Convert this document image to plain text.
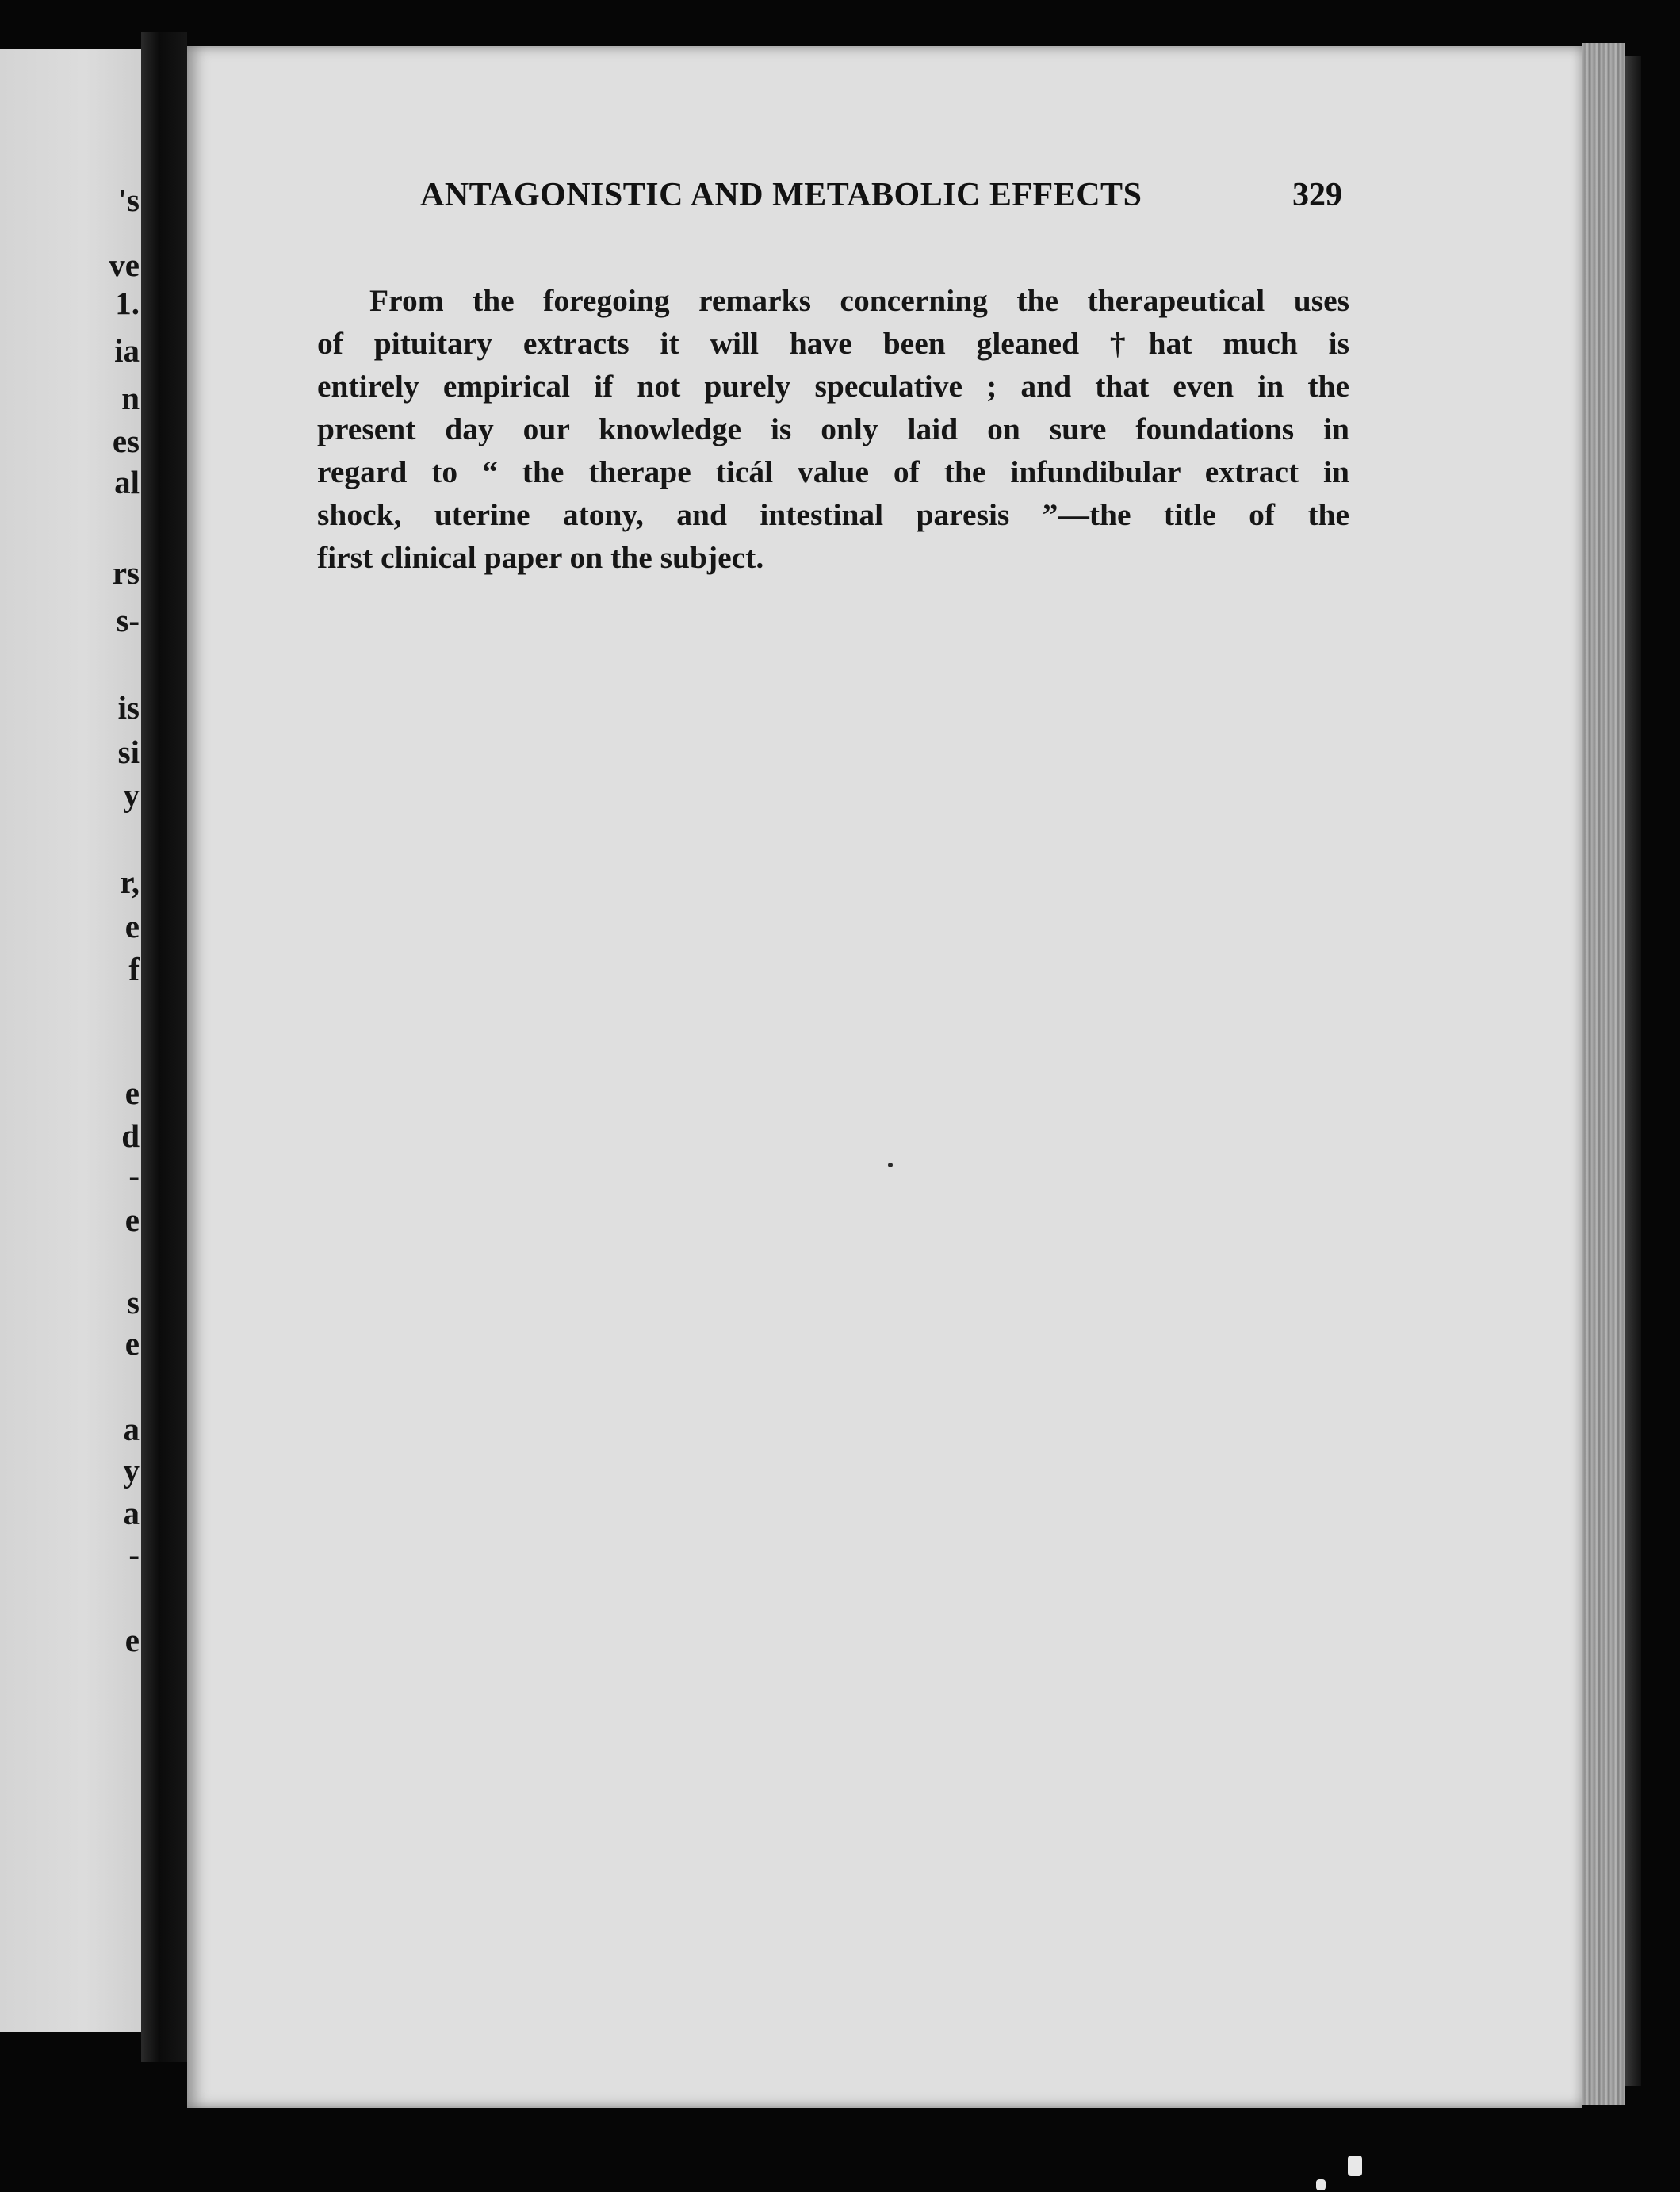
's
ve
1.
ia
n
es
al
rs
s-
is
si
y
r,
e
f
e
d
-
e
s
e
a
y
a
-
e
ANTAGONISTIC AND METABOLIC EFFECTS	329
From the foregoing remarks concerning the therapeutical uses
of pituitary extracts it will have been gleaned †hat much is
entirely empirical if not purely speculative ; and that even in the
present day our knowledge is only laid on sure foundations in
regard to “ the therape ticál value of the infundibular extract in
shock, uterine atony, and intestinal paresis ”—the title of the
first clinical paper on the subject.
